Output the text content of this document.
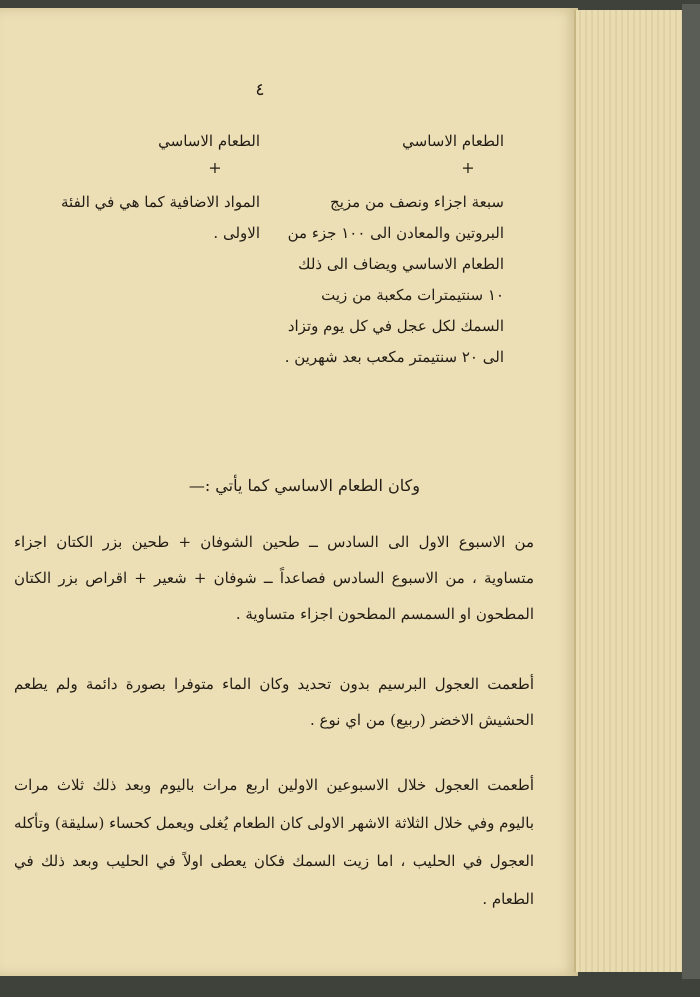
٤
الطعام الاساسي
+
سبعة اجزاء ونصف من مزيج البروتين والمعادن الى ١٠٠ جزء من الطعام الاساسي ويضاف الى ذلك ١٠ سنتيمترات مكعبة من زيت السمك لكل عجل في كل يوم وتزاد الى ٢٠ سنتيمتر مكعب بعد شهرين .
الطعام الاساسي
+
المواد الاضافية كما هي في الفئة الاولى .
وكان الطعام الاساسي كما يأتي :—
من الاسبوع الاول الى السادس ــ طحين الشوفان + طحين بزر الكتان اجزاء متساوية ، من الاسبوع السادس فصاعداً ــ شوفان + شعير + اقراص بزر الكتان المطحون او السمسم المطحون اجزاء متساوية .
أطعمت العجول البرسيم بدون تحديد وكان الماء متوفرا بصورة دائمة ولم يطعم الحشيش الاخضر (ربيع) من اي نوع .
أطعمت العجول خلال الاسبوعين الاولين اربع مرات باليوم وبعد ذلك ثلاث مرات باليوم وفي خلال الثلاثة الاشهر الاولى كان الطعام يُغلى ويعمل كحساء (سليقة) وتأكله العجول في الحليب ، اما زيت السمك فكان يعطى اولاً في الحليب وبعد ذلك في الطعام .
